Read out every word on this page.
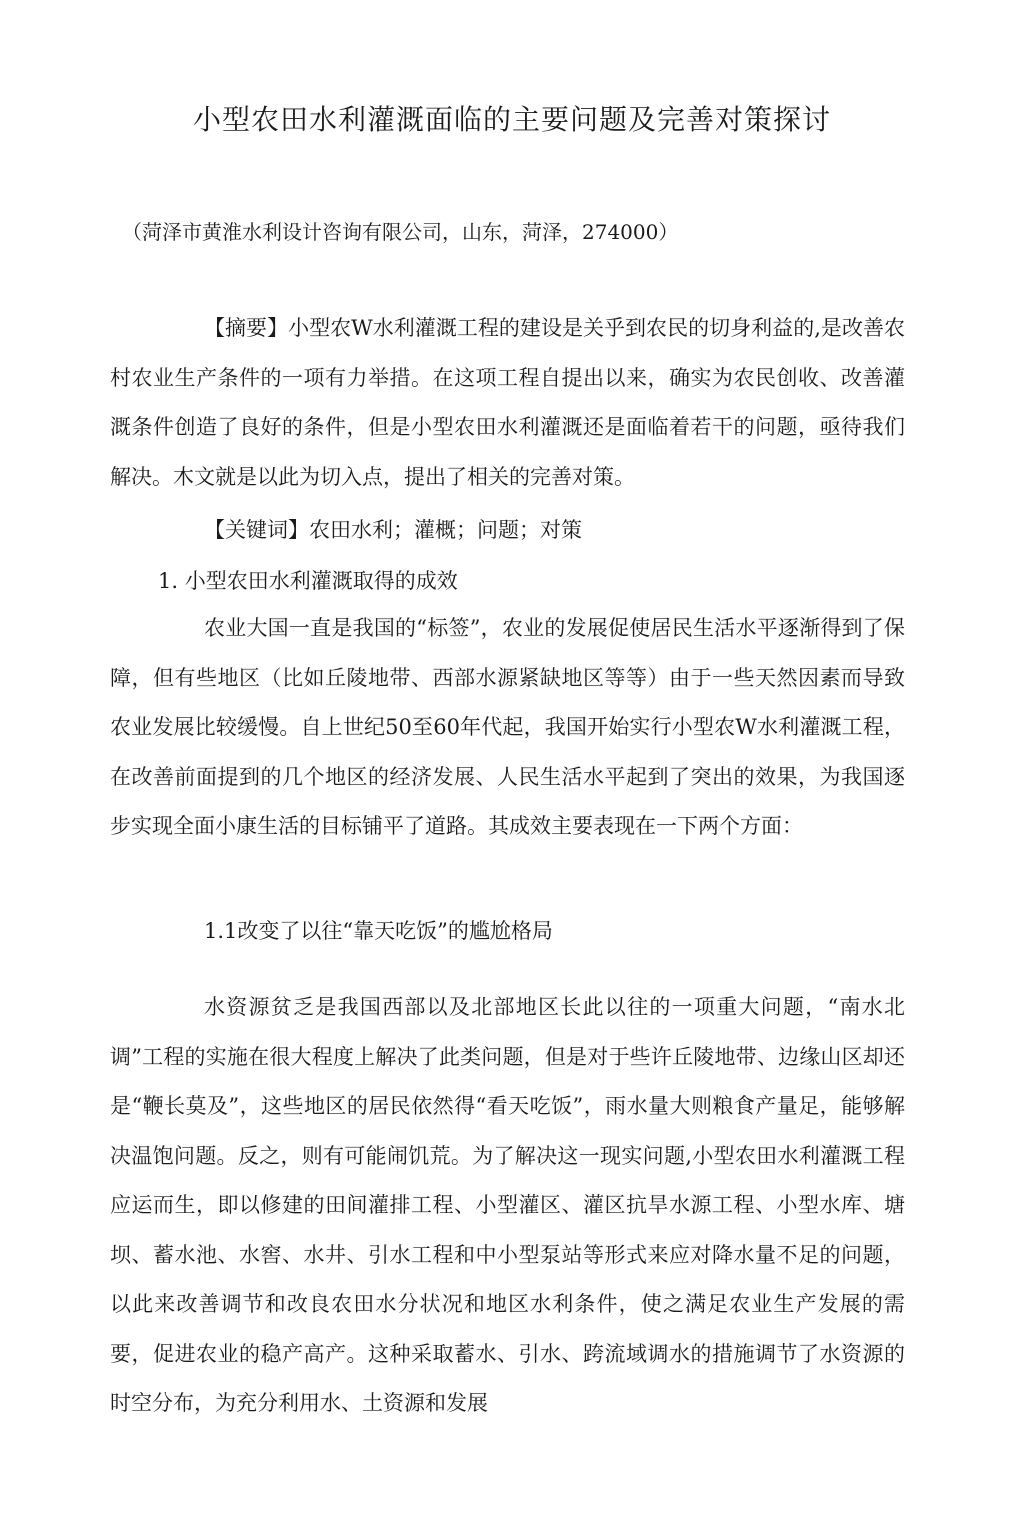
小型农田水利灌溉面临的主要问题及完善对策探讨

（菏泽市黄淮水利设计咨询有限公司，山东，菏泽，274000）

【摘要】小型农W水利灌溉工程的建设是关乎到农民的切身利益的,是改善农村农业生产条件的一项有力举措。在这项工程自提出以来，确实为农民创收、改善灌溉条件创造了良好的条件，但是小型农田水利灌溉还是面临着若干的问题，亟待我们解决。木文就是以此为切入点，提出了相关的完善对策。

【关键词】农田水利；灌概；问题；对策

1. 小型农田水利灌溉取得的成效

农业大国一直是我国的“标签”，农业的发展促使居民生活水平逐渐得到了保障，但有些地区（比如丘陵地带、西部水源紧缺地区等等）由于一些天然因素而导致农业发展比较缓慢。自上世纪50至60年代起，我国开始实行小型农W水利灌溉工程，在改善前面提到的几个地区的经济发展、人民生活水平起到了突出的效果，为我国逐步实现全面小康生活的目标铺平了道路。其成效主要表现在一下两个方面：

1.1改变了以往“靠天吃饭”的尴尬格局

水资源贫乏是我国西部以及北部地区长此以往的一项重大问题，“南水北调”工程的实施在很大程度上解决了此类问题，但是对于些许丘陵地带、边缘山区却还是“鞭长莫及”，这些地区的居民依然得“看天吃饭”，雨水量大则粮食产量足，能够解决温饱问题。反之，则有可能闹饥荒。为了解决这一现实问题,小型农田水利灌溉工程应运而生，即以修建的田间灌排工程、小型灌区、灌区抗旱水源工程、小型水库、塘坝、蓄水池、水窖、水井、引水工程和中小型泵站等形式来应对降水量不足的问题，以此来改善调节和改良农田水分状况和地区水利条件，使之满足农业生产发展的需要，促进农业的稳产高产。这种采取蓄水、引水、跨流域调水的措施调节了水资源的时空分布，为充分利用水、土资源和发展
